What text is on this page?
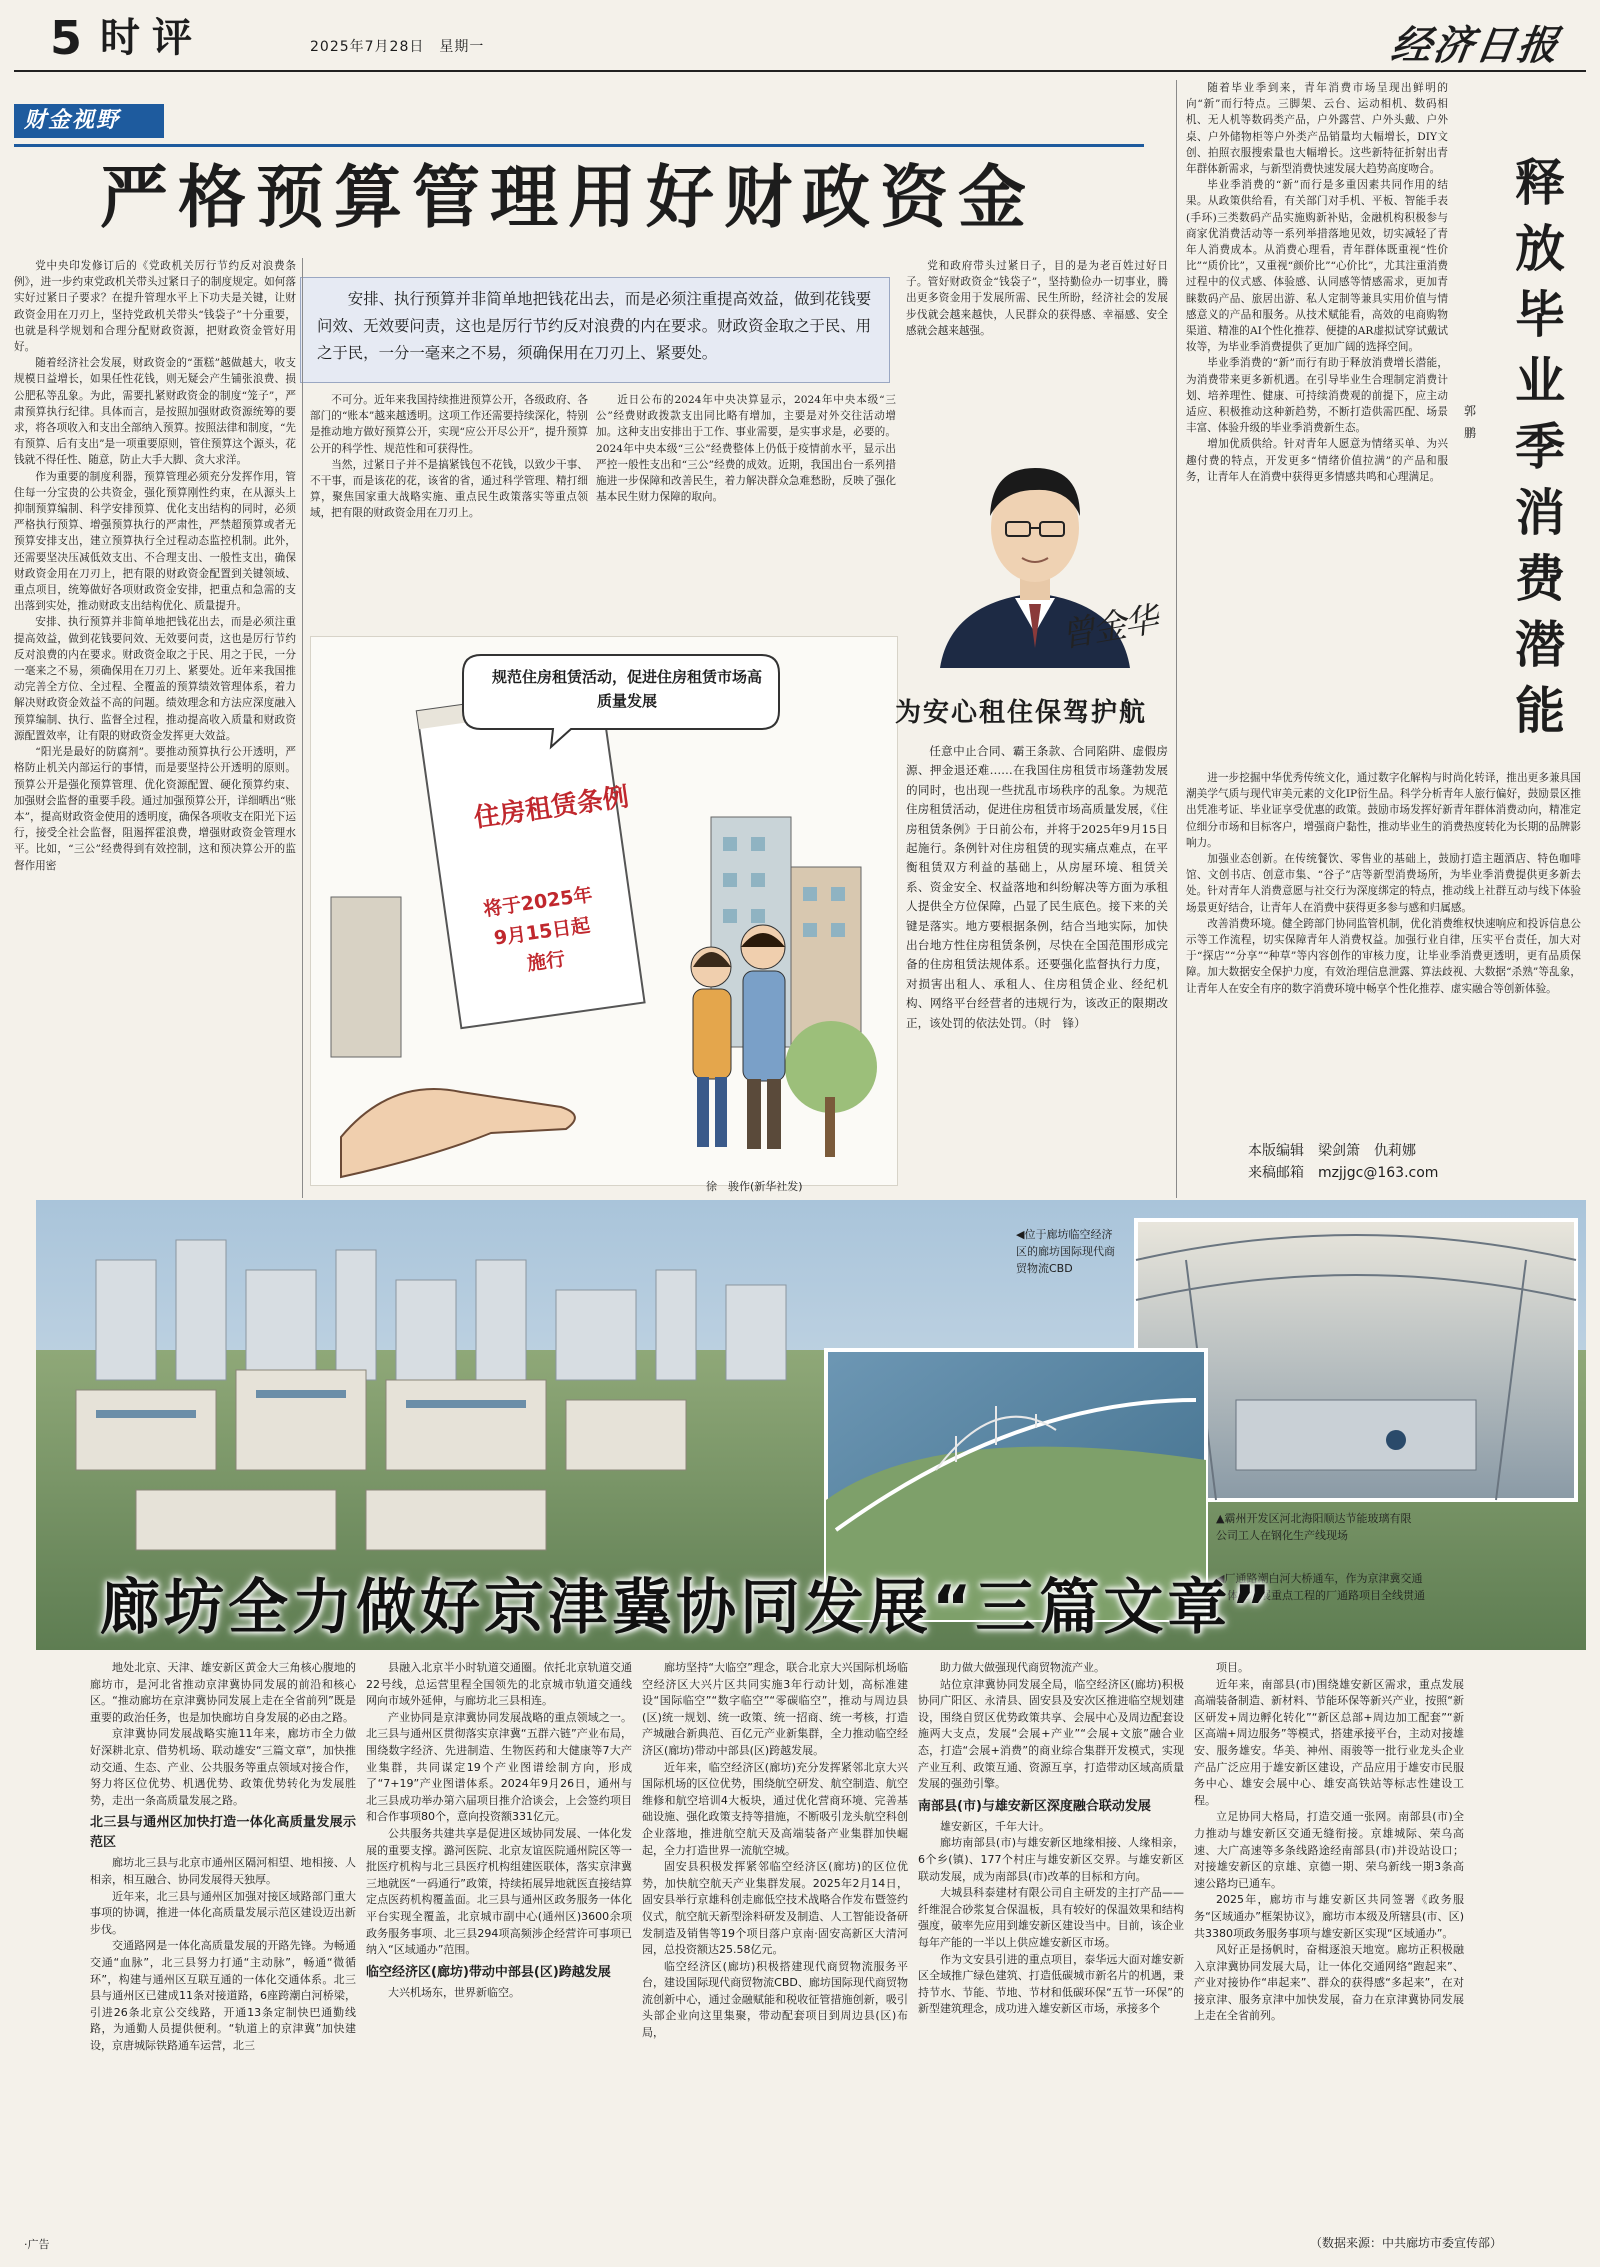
5 时评	2025年7月28日　 星期一	经济日报
财金视野
严格预算管理用好财政资金
安排、执行预算并非简单地把钱花出去，而是必须注重提高效益，做到花钱要问效、无效要问责，这也是厉行节约反对浪费的内在要求。财政资金取之于民、用之于民，一分一毫来之不易，须确保用在刀刃上、紧要处。

党中央印发修订后的《党政机关厉行节约反对浪费条例》，进一步约束党政机关带头过紧日子的制度规定。如何落实好过紧日子要求？在提升管理水平上下功夫是关键，让财政资金用在刀刃上，坚持党政机关带头“钱袋子”十分重要，也就是科学规划和合理分配财政资源，把财政资金管好用好。

随着经济社会发展，财政资金的“蛋糕”越做越大，收支规模日益增长，如果任性花钱，则无疑会产生铺张浪费、损公肥私等乱象。为此，需要扎紧财政资金的制度“笼子”，严肃预算执行纪律。具体而言，是按照加强财政资源统筹的要求，将各项收入和支出全部纳入预算。按照法律和制度，“先有预算、后有支出”是一项重要原则，管住预算这个源头，花钱就不得任性、随意，防止大手大脚、贪大求洋。

作为重要的制度利器，预算管理必须充分发挥作用，管住每一分宝贵的公共资金，强化预算刚性约束，在从源头上抑制预算编制、科学安排预算、优化支出结构的同时，必须严格执行预算、增强预算执行的严肃性，严禁超预算或者无预算安排支出，建立预算执行全过程动态监控机制。此外，还需要坚决压减低效支出、不合理支出、一般性支出，确保财政资金用在刀刃上，把有限的财政资金配置到关键领域、重点项目，统筹做好各项财政资金安排，把重点和急需的支出落到实处，推动财政支出结构优化、质量提升。

安排、执行预算并非简单地把钱花出去，而是必须注重提高效益，做到花钱要问效、无效要问责，这也是厉行节约反对浪费的内在要求。财政资金取之于民、用之于民，一分一毫来之不易，须确保用在刀刃上、紧要处。近年来我国推动完善全方位、全过程、全覆盖的预算绩效管理体系，着力解决财政资金效益不高的问题。绩效理念和方法应深度融入预算编制、执行、监督全过程，推动提高收入质量和财政资源配置效率，让有限的财政资金发挥更大效益。

“阳光是最好的防腐剂”。要推动预算执行公开透明，严格防止机关内部运行的事情，而是要坚持公开透明的原则。预算公开是强化预算管理、优化资源配置、硬化预算约束、加强财会监督的重要手段。通过加强预算公开，详细晒出“账本”，提高财政资金使用的透明度，确保各项收支在阳光下运行，接受全社会监督，阻遏挥霍浪费，增强财政资金管理水平。比如，“三公”经费得到有效控制，这和预决算公开的监督作用密

不可分。近年来我国持续推进预算公开，各级政府、各部门的“账本”越来越透明。这项工作还需要持续深化，特别是推动地方做好预算公开，实现“应公开尽公开”，提升预算公开的科学性、规范性和可获得性。

当然，过紧日子并不是搞紧钱包不花钱，以致少干事、不干事，而是该花的花，该省的省，通过科学管理、精打细算，聚焦国家重大战略实施、重点民生政策落实等重点领域，把有限的财政资金用在刀刃上。

近日公布的2024年中央决算显示，2024年中央本级“三公”经费财政拨款支出同比略有增加，主要是对外交往活动增加。这种支出安排出于工作、事业需要，是实事求是，必要的。2024年中央本级“三公”经费整体上仍低于疫情前水平，显示出严控一般性支出和“三公”经费的成效。近期，我国出台一系列措施进一步保障和改善民生，着力解决群众急难愁盼，反映了强化基本民生财力保障的取向。

党和政府带头过紧日子，目的是为老百姓过好日子。管好财政资金“钱袋子”，坚持勤俭办一切事业，腾出更多资金用于发展所需、民生所盼，经济社会的发展步伐就会越来越快，人民群众的获得感、幸福感、安全感就会越来越强。

曾金华
规范住房租赁活动，促进住房租赁市场高质量发展
住房租赁条例
将于2025年9月15日起施行
徐　骏作(新华社发)
为安心租住保驾护航

任意中止合同、霸王条款、合同陷阱、虚假房源、押金退还难……在我国住房租赁市场蓬勃发展的同时，也出现一些扰乱市场秩序的乱象。为规范住房租赁活动，促进住房租赁市场高质量发展，《住房租赁条例》于日前公布，并将于2025年9月15日起施行。条例针对住房租赁的现实痛点难点，在平衡租赁双方利益的基础上，从房屋环境、租赁关系、资金安全、权益落地和纠纷解决等方面为承租人提供全方位保障，凸显了民生底色。接下来的关键是落实。地方要根据条例，结合当地实际，加快出台地方性住房租赁条例，尽快在全国范围形成完备的住房租赁法规体系。还要强化监督执行力度，对损害出租人、承租人、住房租赁企业、经纪机构、网络平台经营者的违规行为，该改正的限期改正，该处罚的依法处罚。（时　锋）

随着毕业季到来，青年消费市场呈现出鲜明的向“新”而行特点。三脚架、云台、运动相机、数码相机、无人机等数码类产品，户外露营、户外头戴、户外桌、户外储物柜等户外类产品销量均大幅增长，DIY文创、拍照衣服搜索量也大幅增长。这些新特征折射出青年群体新需求，与新型消费快速发展大趋势高度吻合。

毕业季消费的“新”而行是多重因素共同作用的结果。从政策供给看，有关部门对手机、平板、智能手表(手环)三类数码产品实施购新补贴，金融机构积极参与商家优消费活动等一系列举措落地见效，切实减轻了青年人消费成本。从消费心理看，青年群体既重视“性价比”“质价比”，又重视“颜价比”“心价比”，尤其注重消费过程中的仪式感、体验感、认同感等情感需求，更加青睐数码产品、旅居出游、私人定制等兼具实用价值与情感意义的产品和服务。从技术赋能看，高效的电商购物渠道、精准的AI个性化推荐、便捷的AR虚拟试穿试戴试妆等，为毕业季消费提供了更加广阔的选择空间。

毕业季消费的“新”而行有助于释放消费增长潜能，为消费带来更多新机遇。在引导毕业生合理制定消费计划、培养理性、健康、可持续消费观的前提下，应主动适应、积极推动这种新趋势，不断打造供需匹配、场景丰富、体验升级的毕业季消费新生态。

增加优质供给。针对青年人愿意为情绪买单、为兴趣付费的特点，开发更多“情绪价值拉满”的产品和服务，让青年人在消费中获得更多情感共鸣和心理满足。

郭　鹏
释
放
毕
业
季
消
费
潜
能

进一步挖掘中华优秀传统文化，通过数字化解构与时尚化转译，推出更多兼具国潮美学气质与现代审美元素的文化IP衍生品。科学分析青年人旅行偏好，鼓励景区推出凭准考证、毕业证享受优惠的政策。鼓励市场发挥好新青年群体消费动向，精准定位细分市场和目标客户，增强商户黏性，推动毕业生的消费热度转化为长期的品牌影响力。

加强业态创新。在传统餐饮、零售业的基础上，鼓励打造主题酒店、特色咖啡馆、文创书店、创意市集、“谷子”店等新型消费场所，为毕业季消费提供更多新去处。针对青年人消费意愿与社交行为深度绑定的特点，推动线上社群互动与线下体验场景更好结合，让青年人在消费中获得更多参与感和归属感。

改善消费环境。健全跨部门协同监管机制，优化消费维权快速响应和投诉信息公示等工作流程，切实保障青年人消费权益。加强行业自律，压实平台责任，加大对于“探店”“分享”“种草”等内容创作的审核力度，让毕业季消费更透明，更有品质保障。加大数据安全保护力度，有效治理信息泄露、算法歧视、大数据“杀熟”等乱象，让青年人在安全有序的数字消费环境中畅享个性化推荐、虚实融合等创新体验。

本版编辑　梁剑箫　仇莉娜
来稿邮箱　mzjjgc@163.com
◀位于廊坊临空经济区的廊坊国际现代商贸物流CBD
▲霸州开发区河北海阳顺达节能玻璃有限公司工人在钢化生产线现场
◀厂通路潮白河大桥通车，作为京津冀交通一体化发展重点工程的厂通路项目全线贯通
廊坊全力做好京津冀协同发展“三篇文章”

地处北京、天津、雄安新区黄金大三角核心腹地的廊坊市，是河北省推动京津冀协同发展的前沿和核心区。“推动廊坊在京津冀协同发展上走在全省前列”既是重要的政治任务，也是加快廊坊自身发展的必由之路。

京津冀协同发展战略实施11年来，廊坊市全力做好深耕北京、借势机场、联动雄安“三篇文章”，加快推动交通、生态、产业、公共服务等重点领域对接合作，努力将区位优势、机遇优势、政策优势转化为发展胜势，走出一条高质量发展之路。

北三县与通州区加快打造一体化高质量发展示范区

廊坊北三县与北京市通州区隔河相望、地相接、人相亲，相互融合、协同发展得天独厚。

近年来，北三县与通州区加强对接区域路部门重大事项的协调，推进一体化高质量发展示范区建设迈出新步伐。

交通路网是一体化高质量发展的开路先锋。为畅通交通“血脉”，北三县努力打通“主动脉”，畅通“微循环”，构建与通州区互联互通的一体化交通体系。北三县与通州区已建成11条对接道路，6座跨潮白河桥梁，引进26条北京公交线路，开通13条定制快巴通勤线路，为通勤人员提供便利。“轨道上的京津冀”加快建设，京唐城际铁路通车运营，北三

县融入北京半小时轨道交通圈。依托北京轨道交通22号线，总运营里程全国领先的北京城市轨道交通线网向市域外延伸，与廊坊北三县相连。

产业协同是京津冀协同发展战略的重点领域之一。北三县与通州区贯彻落实京津冀“五群六链”产业布局，围绕数字经济、先进制造、生物医药和大健康等7大产业集群，共同谋定19个产业图谱绘制方向，形成了“7+19”产业图谱体系。2024年9月26日，通州与北三县成功举办第六届项目推介洽谈会，上会签约项目和合作事项80个，意向投资额331亿元。

公共服务共建共享是促进区域协同发展、一体化发展的重要支撑。潞河医院、北京友谊医院通州院区等一批医疗机构与北三县医疗机构组建医联体，落实京津冀三地就医“一码通行”政策，持续拓展异地就医直接结算定点医药机构覆盖面。北三县与通州区政务服务一体化平台实现全覆盖，北京城市副中心(通州区)3600余项政务服务事项、北三县294项高频涉企经营许可事项已纳入“区域通办”范围。

临空经济区(廊坊)带动中部县(区)跨越发展

大兴机场东，世界新临空。

廊坊坚持“大临空”理念，联合北京大兴国际机场临空经济区大兴片区共同实施3年行动计划，高标准建设“国际临空”“数字临空”“零碳临空”，推动与周边县(区)统一规划、统一政策、统一招商、统一考核，打造产城融合新典范、百亿元产业新集群，全力推动临空经济区(廊坊)带动中部县(区)跨越发展。

近年来，临空经济区(廊坊)充分发挥紧邻北京大兴国际机场的区位优势，围绕航空研发、航空制造、航空维修和航空培训4大板块，通过优化营商环境、完善基础设施、强化政策支持等措施，不断吸引龙头航空科创企业落地，推进航空航天及高端装备产业集群加快崛起，全力打造世界一流航空城。

固安县积极发挥紧邻临空经济区(廊坊)的区位优势，加快航空航天产业集群发展。2025年2月14日，固安县举行京雄科创走廊低空技术战略合作发布暨签约仪式，航空航天新型涂料研发及制造、人工智能设备研发制造及销售等19个项目落户京南·固安高新区大清河园，总投资额达25.58亿元。

临空经济区(廊坊)积极搭建现代商贸物流服务平台，建设国际现代商贸物流CBD、廊坊国际现代商贸物流创新中心，通过金融赋能和税收征管措施创新，吸引头部企业向这里集聚，带动配套项目到周边县(区)布局，

助力做大做强现代商贸物流产业。

站位京津冀协同发展全局，临空经济区(廊坊)积极协同广阳区、永清县、固安县及安次区推进临空规划建设，围绕自贸区优势政策共享、会展中心及周边配套设施两大支点，发展“会展+产业”“会展+文旅”融合业态，打造“会展+消费”的商业综合集群开发模式，实现产业互利、政策互通、资源互享，打造带动区域高质量发展的强劲引擎。

南部县(市)与雄安新区深度融合联动发展

雄安新区，千年大计。

廊坊南部县(市)与雄安新区地缘相接、人缘相亲，6个乡(镇)、177个村庄与雄安新区交界。与雄安新区联动发展，成为南部县(市)改革的目标和方向。

大城县科泰建材有限公司自主研发的主打产品——纤维混合砂浆复合保温板，具有较好的保温效果和结构强度，破率先应用到雄安新区建设当中。目前，该企业每年产能的一半以上供应雄安新区市场。

作为文安县引进的重点项目，泰华远大面对雄安新区全域推广绿色建筑、打造低碳城市新名片的机遇，秉持节水、节能、节地、节材和低碳环保“五节一环保”的新型建筑理念，成功进入雄安新区市场，承接多个

项目。

近年来，南部县(市)围绕雄安新区需求，重点发展高端装备制造、新材料、节能环保等新兴产业，按照“新区研发+周边孵化转化”“新区总部+周边加工配套”“新区高端+周边服务”等模式，搭建承接平台，主动对接雄安、服务雄安。华美、神州、雨骏等一批行业龙头企业产品广泛应用于雄安新区建设，产品应用于雄安市民服务中心、雄安会展中心、雄安高铁站等标志性建设工程。

立足协同大格局，打造交通一张网。南部县(市)全力推动与雄安新区交通无缝衔接。京雄城际、荣乌高速、大广高速等多条线路途经南部县(市)并设站设口；对接雄安新区的京雄、京德一期、荣乌新线一期3条高速公路均已通车。

2025年，廊坊市与雄安新区共同签署《政务服务“区域通办”框架协议》，廊坊市本级及所辖县(市、区)共3380项政务服务事项与雄安新区实现“区域通办”。

风好正是扬帆时，奋楫逐浪天地宽。廊坊正积极融入京津冀协同发展大局，让一体化交通网络“跑起来”、产业对接协作“串起来”、群众的获得感“多起来”，在对接京津、服务京津中加快发展，奋力在京津冀协同发展上走在全省前列。

·广告	（数据来源：中共廊坊市委宣传部）
